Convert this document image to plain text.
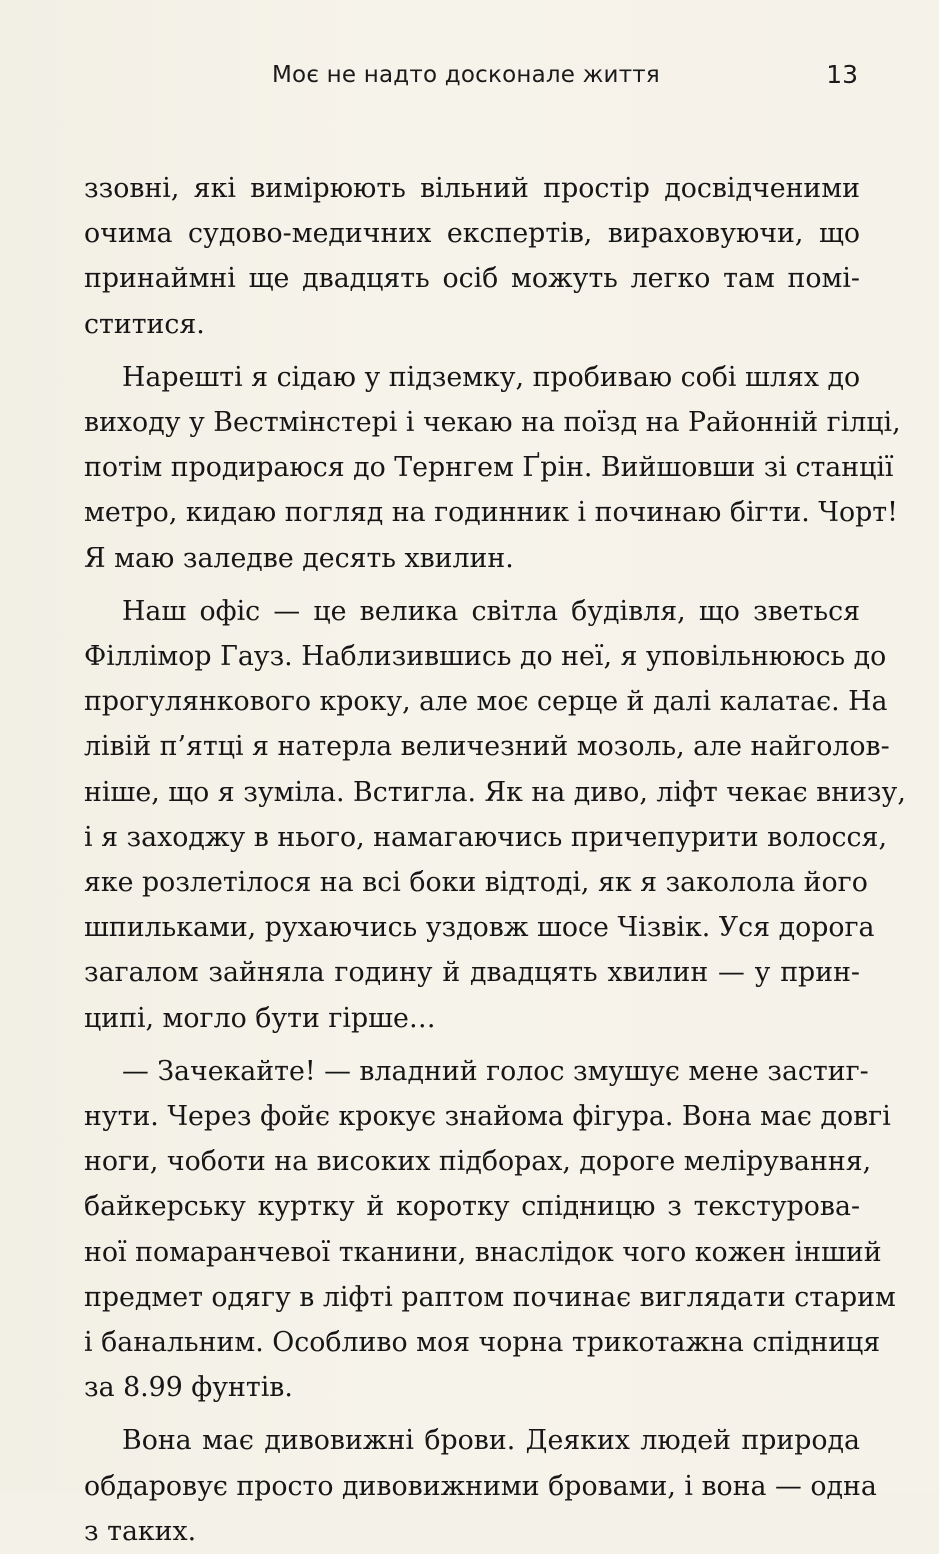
Моє не надто досконале життя	13

ззовні, які вимірюють вільний простір досвідченими
очима судово-медичних експертів, вираховуючи, що
принаймні ще двадцять осіб можуть легко там помі-
ститися.

Нарешті я сідаю у підземку, пробиваю собі шлях до
виходу у Вестмінстері і чекаю на поїзд на Районній гілці,
потім продираюся до Тернгем Ґрін. Вийшовши зі станції
метро, кидаю погляд на годинник і починаю бігти. Чорт!
Я маю заледве десять хвилин.

Наш офіс — це велика світла будівля, що зветься
Філлімор Гауз. Наблизившись до неї, я уповільнююсь до
прогулянкового кроку, але моє серце й далі калатає. На
лівій п’ятці я натерла величезний мозоль, але найголов-
ніше, що я зуміла. Встигла. Як на диво, ліфт чекає внизу,
і я заходжу в нього, намагаючись причепурити волосся,
яке розлетілося на всі боки відтоді, як я заколола його
шпильками, рухаючись уздовж шосе Чізвік. Уся дорога
загалом зайняла годину й двадцять хвилин — у прин-
ципі, могло бути гірше…

— Зачекайте! — владний голос змушує мене застиг-
нути. Через фойє крокує знайома фігура. Вона має довгі
ноги, чоботи на високих підборах, дороге мелірування,
байкерську куртку й коротку спідницю з текстурова-
ної помаранчевої тканини, внаслідок чого кожен інший
предмет одягу в ліфті раптом починає виглядати старим
і банальним. Особливо моя чорна трикотажна спідниця
за 8.99 фунтів.

Вона має дивовижні брови. Деяких людей природа
обдаровує просто дивовижними бровами, і вона — одна
з таких.
